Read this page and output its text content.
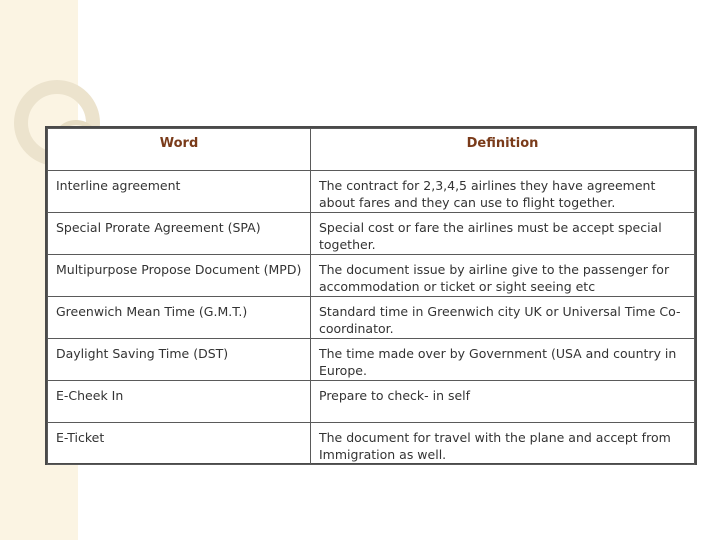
Word	Definition
Interline agreement	The contract for 2,3,4,5 airlines they have agreement about fares and they can use to flight together.
Special Prorate Agreement (SPA)	Special cost or fare the airlines must be accept special together.
Multipurpose Propose Document (MPD)	The document issue by airline give to the passenger for accommodation or ticket or sight seeing etc
Greenwich Mean Time (G.M.T.)	Standard time in Greenwich city UK or Universal Time Co-coordinator.
Daylight Saving Time (DST)	The time made over by Government (USA and country in Europe.
E-Cheek In	Prepare to check- in self
E-Ticket	The document for travel with the plane and accept from Immigration as well.
